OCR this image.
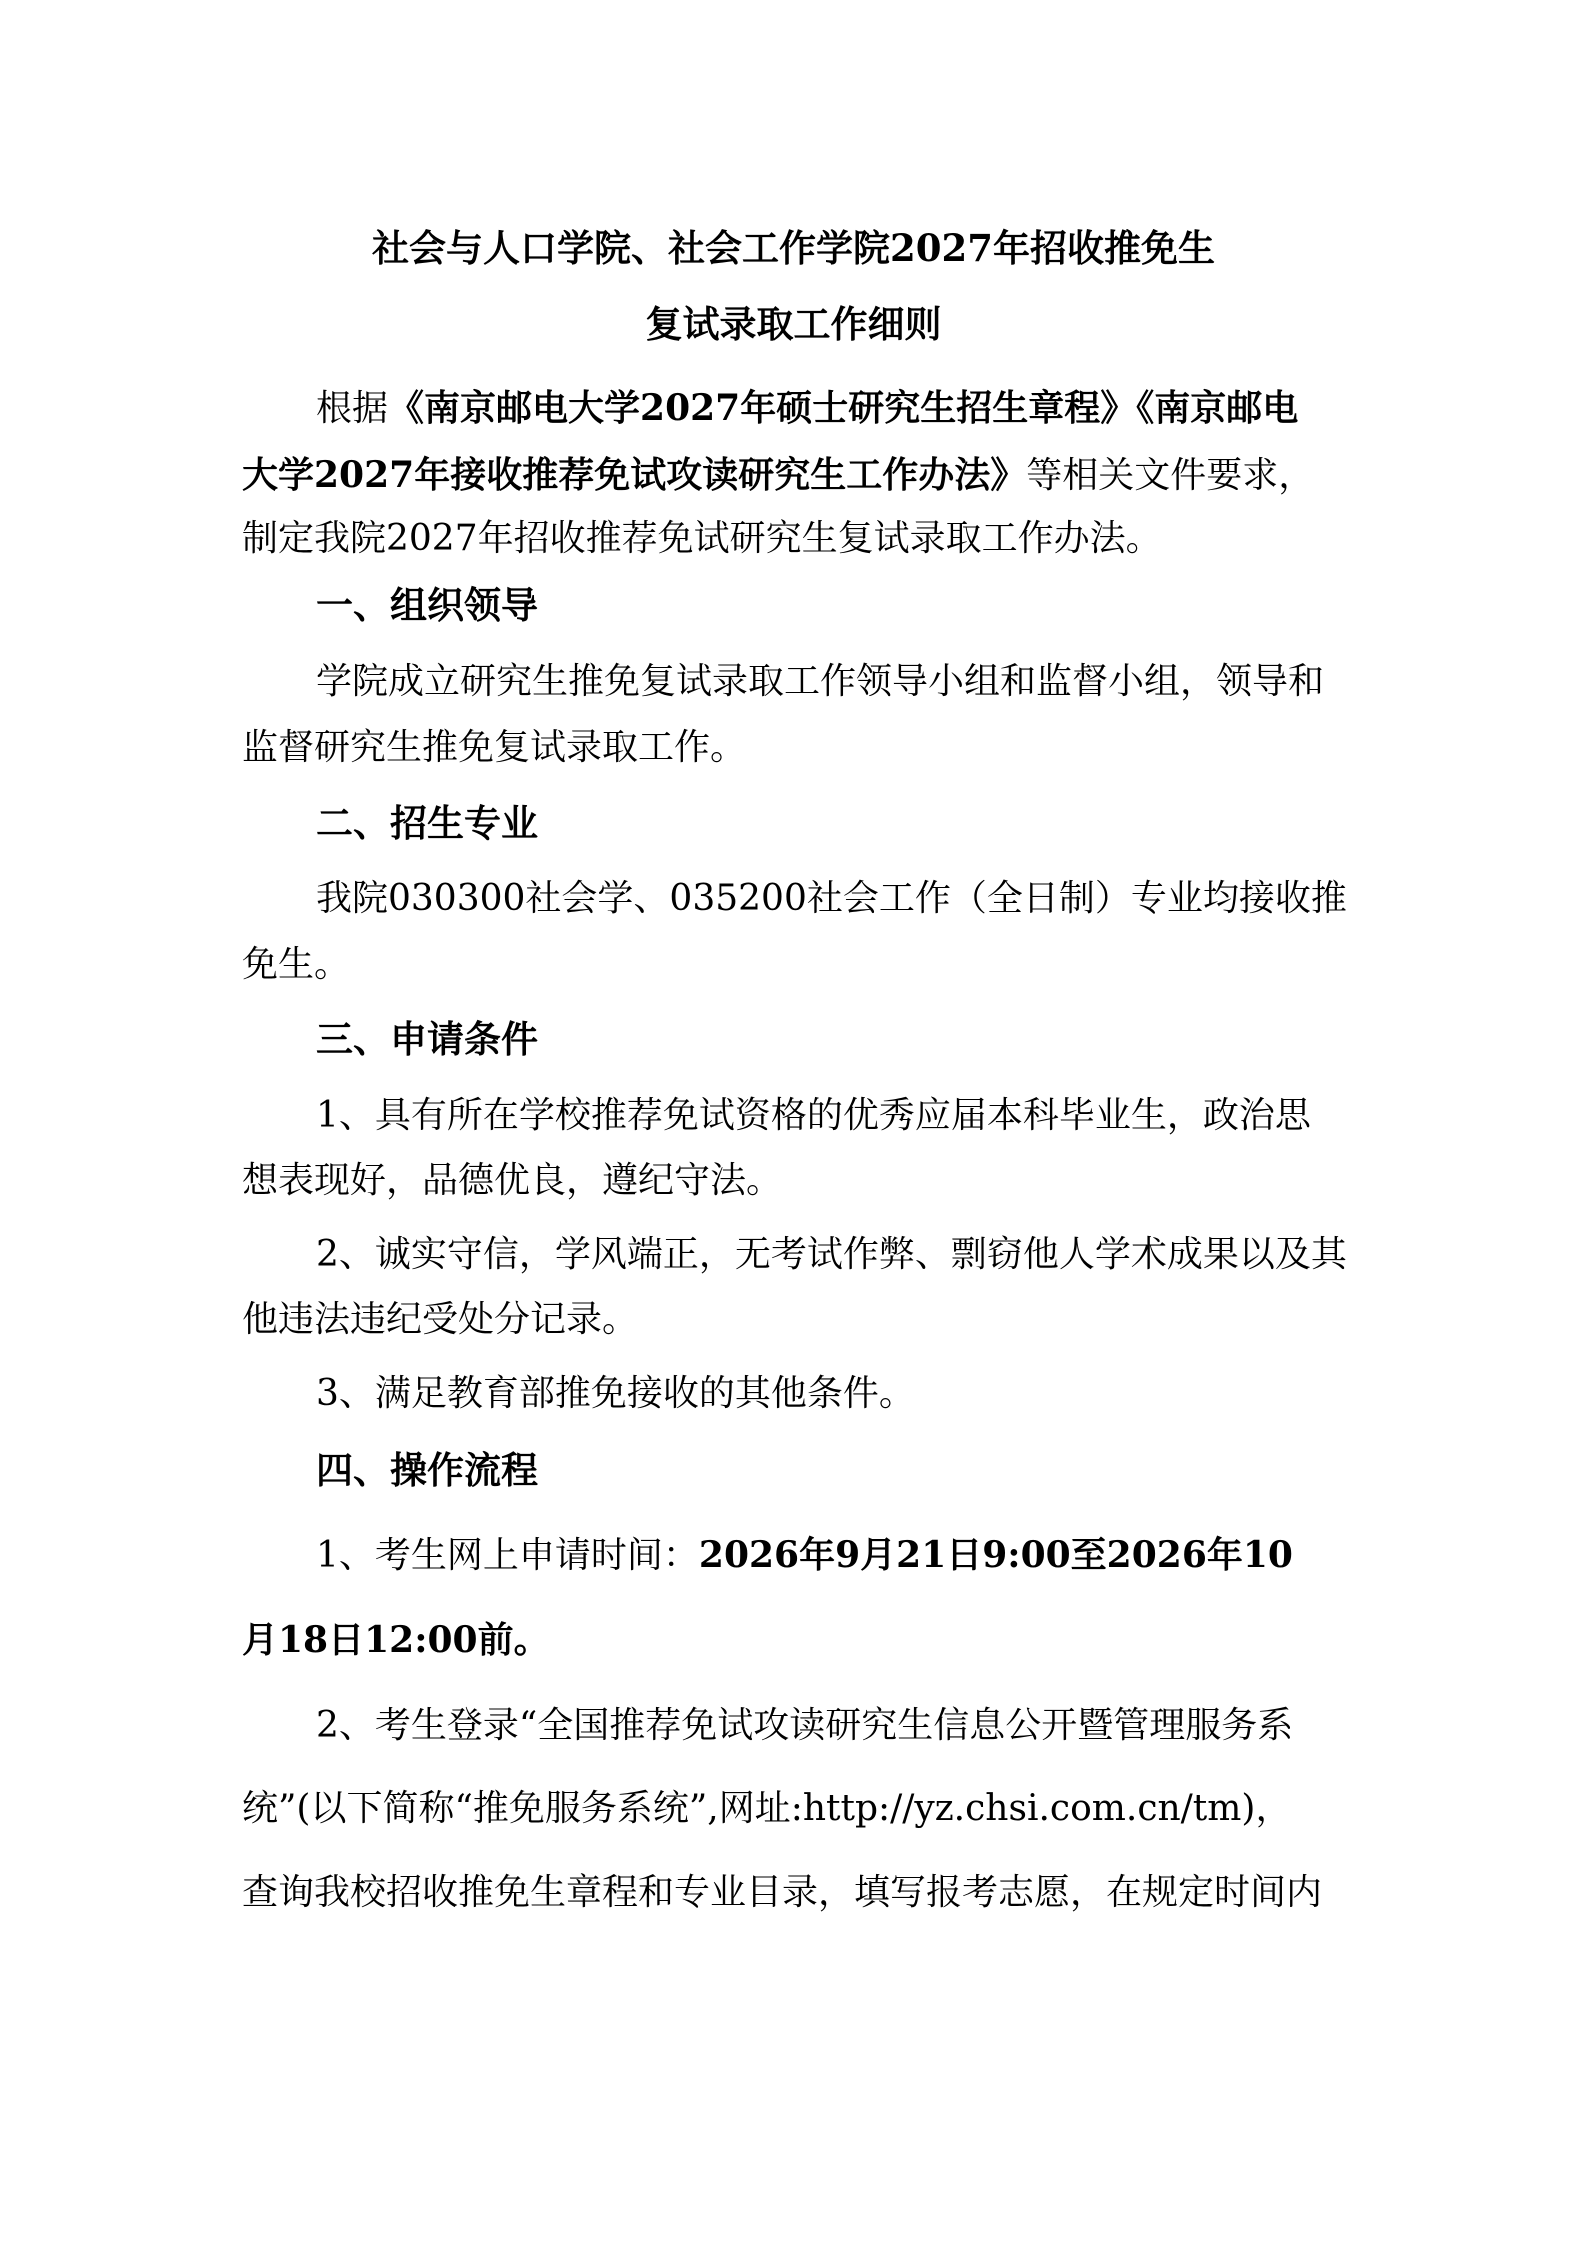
社会与人口学院、社会工作学院2027年招收推免生
复试录取工作细则
根据《南京邮电大学2027年硕士研究生招生章程》《南京邮电
大学2027年接收推荐免试攻读研究生工作办法》等相关文件要求，
制定我院2027年招收推荐免试研究生复试录取工作办法。
一、组织领导
学院成立研究生推免复试录取工作领导小组和监督小组，领导和
监督研究生推免复试录取工作。
二、招生专业
我院030300社会学、035200社会工作（全日制）专业均接收推
免生。
三、申请条件
1、具有所在学校推荐免试资格的优秀应届本科毕业生，政治思
想表现好，品德优良，遵纪守法。
2、诚实守信，学风端正，无考试作弊、剽窃他人学术成果以及其
他违法违纪受处分记录。
3、满足教育部推免接收的其他条件。
四、操作流程
1、考生网上申请时间：2026年9月21日9:00至2026年10
月18日12:00前。
2、考生登录“全国推荐免试攻读研究生信息公开暨管理服务系
统”(以下简称“推免服务系统”,网址:http://yz.chsi.com.cn/tm)，
查询我校招收推免生章程和专业目录，填写报考志愿，在规定时间内
